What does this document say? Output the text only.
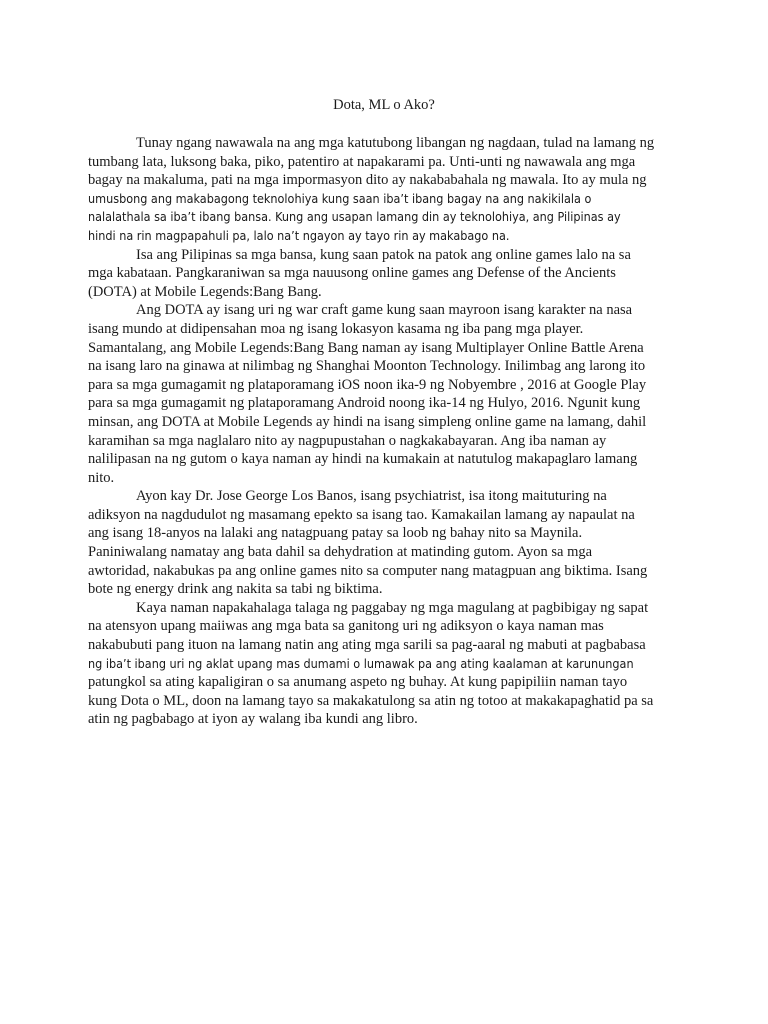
Dota, ML o Ako?
Tunay ngang nawawala na ang mga katutubong libangan ng nagdaan, tulad na lamang ng
tumbang lata, luksong baka, piko, patentiro at napakarami pa. Unti-unti ng nawawala ang mga
bagay na makaluma, pati na mga impormasyon dito ay nakababahala ng mawala. Ito ay mula ng
umusbong ang makabagong teknolohiya kung saan iba’t ibang bagay na ang nakikilala o
nalalathala sa iba’t ibang bansa. Kung ang usapan lamang din ay teknolohiya, ang Pilipinas ay
hindi na rin magpapahuli pa, lalo na’t ngayon ay tayo rin ay makabago na.
Isa ang Pilipinas sa mga bansa, kung saan patok na patok ang online games lalo na sa
mga kabataan. Pangkaraniwan sa mga nauusong online games ang Defense of the Ancients
(DOTA) at Mobile Legends:Bang Bang.
Ang DOTA ay isang uri ng war craft game kung saan mayroon isang karakter na nasa
isang mundo at didipensahan moa ng isang lokasyon kasama ng iba pang mga player.
Samantalang, ang Mobile Legends:Bang Bang naman ay isang Multiplayer Online Battle Arena
na isang laro na ginawa at nilimbag ng Shanghai Moonton Technology. Inilimbag ang larong ito
para sa mga gumagamit ng plataporamang iOS noon ika-9 ng Nobyembre , 2016 at Google Play
para sa mga gumagamit ng plataporamang Android noong ika-14 ng Hulyo, 2016. Ngunit kung
minsan, ang DOTA at Mobile Legends ay hindi na isang simpleng online game na lamang, dahil
karamihan sa mga naglalaro nito ay nagpupustahan o nagkakabayaran. Ang iba naman ay
nalilipasan na ng gutom o kaya naman ay hindi na kumakain at natutulog makapaglaro lamang
nito.
Ayon kay Dr. Jose George Los Banos, isang psychiatrist, isa itong maituturing na
adiksyon na nagdudulot ng masamang epekto sa isang tao. Kamakailan lamang ay napaulat na
ang isang 18-anyos na lalaki ang natagpuang patay sa loob ng bahay nito sa Maynila.
Paniniwalang namatay ang bata dahil sa dehydration at matinding gutom. Ayon sa mga
awtoridad, nakabukas pa ang online games nito sa computer nang matagpuan ang biktima. Isang
bote ng energy drink ang nakita sa tabi ng biktima.
Kaya naman napakahalaga talaga ng paggabay ng mga magulang at pagbibigay ng sapat
na atensyon upang maiiwas ang mga bata sa ganitong uri ng adiksyon o kaya naman mas
nakabubuti pang ituon na lamang natin ang ating mga sarili sa pag-aaral ng mabuti at pagbabasa
ng iba’t ibang uri ng aklat upang mas dumami o lumawak pa ang ating kaalaman at karunungan
patungkol sa ating kapaligiran o sa anumang aspeto ng buhay. At kung papipiliin naman tayo
kung Dota o ML, doon na lamang tayo sa makakatulong sa atin ng totoo at makakapaghatid pa sa
atin ng pagbabago at iyon ay walang iba kundi ang libro.
